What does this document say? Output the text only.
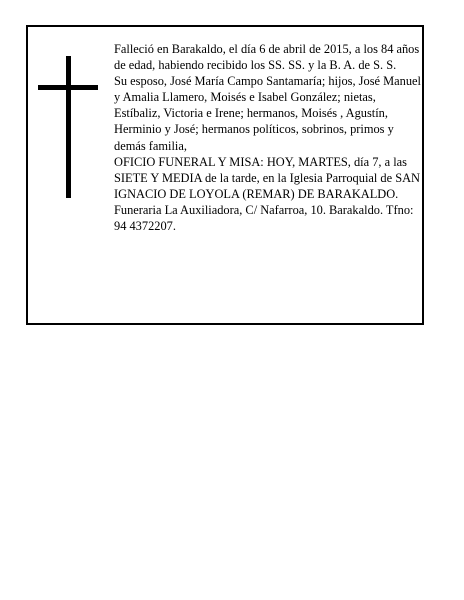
Falleció en Barakaldo, el día 6 de abril de 2015, a los 84 años de edad, habiendo recibido los SS. SS. y la B. A. de S. S.

Su esposo, José María Campo Santamaría; hijos, José Manuel y Amalia Llamero, Moisés e Isabel González; nietas, Estíbaliz, Victoria e Irene; hermanos, Moisés , Agustín, Herminio y José; hermanos políticos, sobrinos, primos y demás familia,

OFICIO FUNERAL Y MISA: HOY, MARTES, día 7, a las SIETE Y MEDIA de la tarde, en la Iglesia Parroquial de SAN IGNACIO DE LOYOLA (REMAR) DE BARAKALDO.

Funeraria La Auxiliadora, C/ Nafarroa, 10. Barakaldo. Tfno: 94 4372207.
